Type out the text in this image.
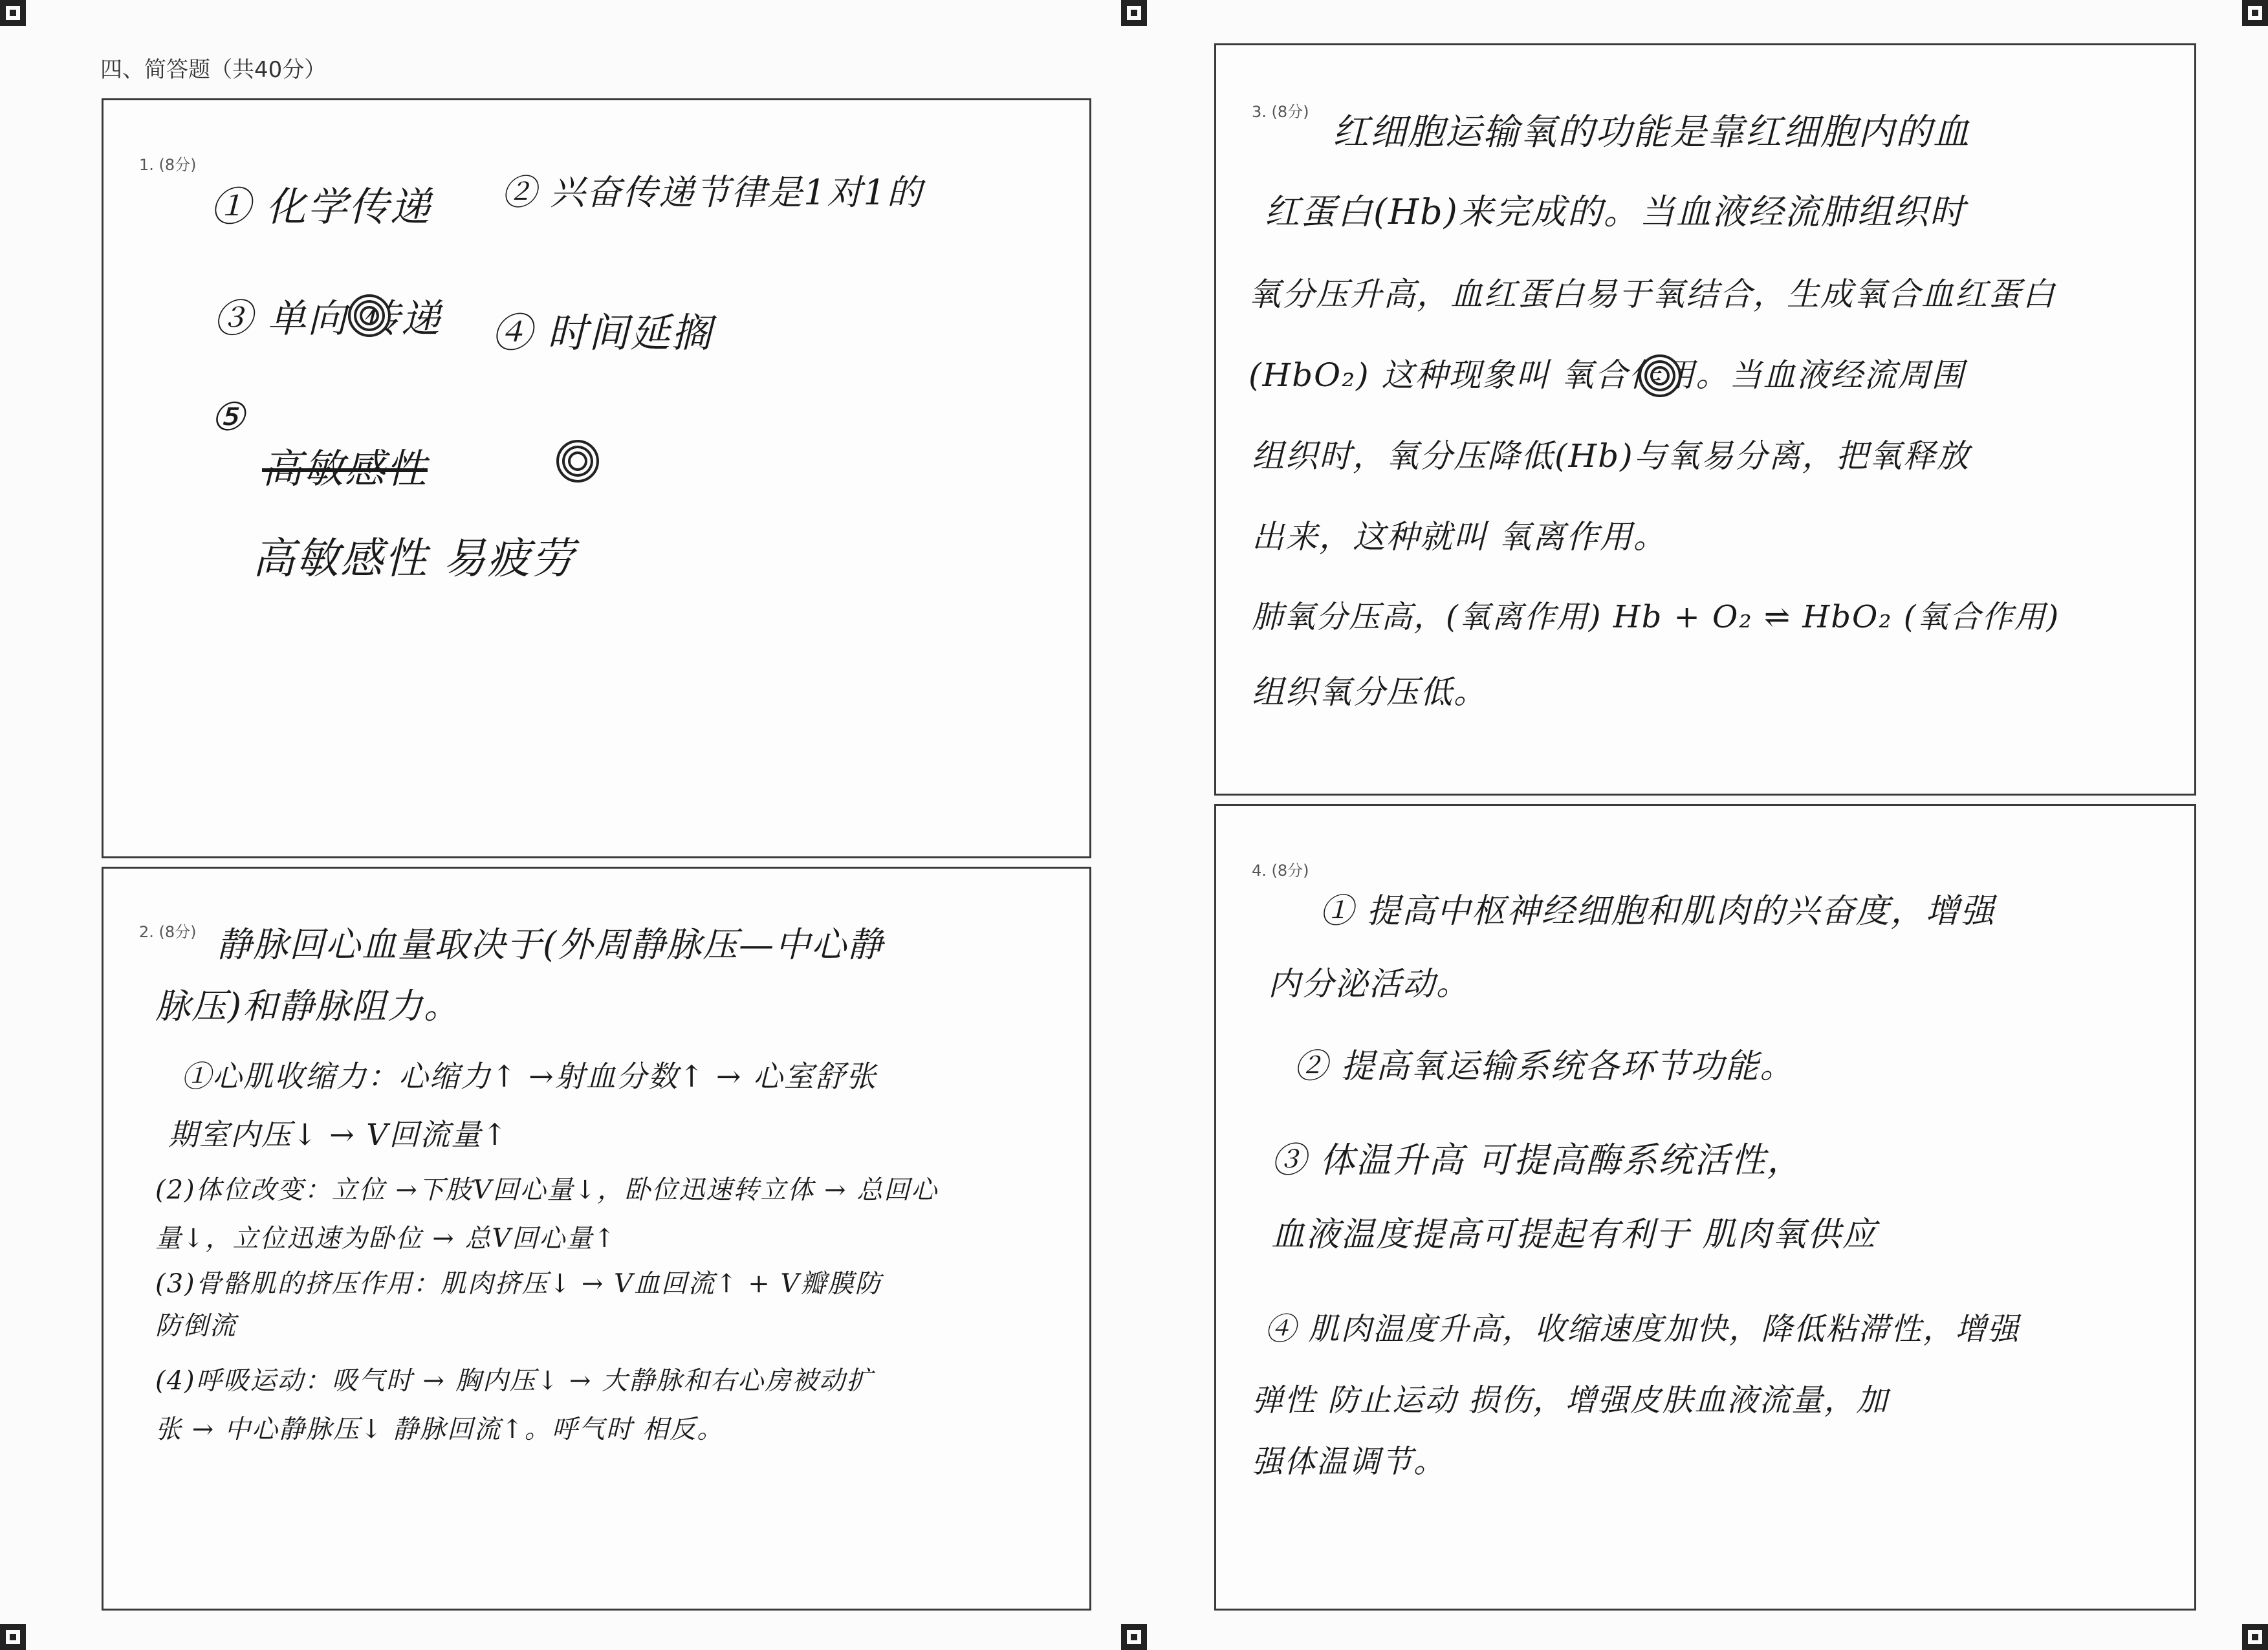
四、简答题（共40分）
1. (8分)
① 化学传递 ② 兴奋传递节律是1对1的
③ 单向 传递 ④ 时间延搁
⑤
高敏感性
高敏感性 易疲劳
2. (8分) 静脉回心血量取决于(外周静脉压—中心静
脉压)和静脉阻力。
①心肌收缩力：心缩力↑ →射血分数↑ → 心室舒张
期室内压↓ → V回流量↑
(2)体位改变：立位 →下肢V回心量↓，卧位迅速转立体 → 总回心
量↓，立位迅速为卧位 → 总V回心量↑
(3)骨骼肌的挤压作用：肌肉挤压↓ → V血回流↑ + V瓣膜防
防倒流
(4)呼吸运动：吸气时 → 胸内压↓ → 大静脉和右心房被动扩
张 → 中心静脉压↓ 静脉回流↑。呼气时 相反。
3. (8分) 红细胞运输氧的功能是靠红细胞内的血
红蛋白(Hb)来完成的。当血液经流肺组织时
氧分压升高，血红蛋白易于氧结合，生成氧合血红蛋白
(HbO₂) 这种现象叫 氧合作用。当血液经流周围
组织时，氧分压降低(Hb)与氧易分离，把氧释放
出来，这种就叫 氧离作用。
肺氧分压高，(氧离作用) Hb + O₂ ⇌ HbO₂ (氧合作用)
组织氧分压低。
4. (8分)
① 提高中枢神经细胞和肌肉的兴奋度，增强
内分泌活动。
② 提高氧运输系统各环节功能。
③ 体温升高 可提高酶系统活性，
血液温度提高可提起有利于 肌肉氧供应
④ 肌肉温度升高，收缩速度加快，降低粘滞性，增强
弹性 防止运动 损伤，增强皮肤血液流量，加
强体温调节。
